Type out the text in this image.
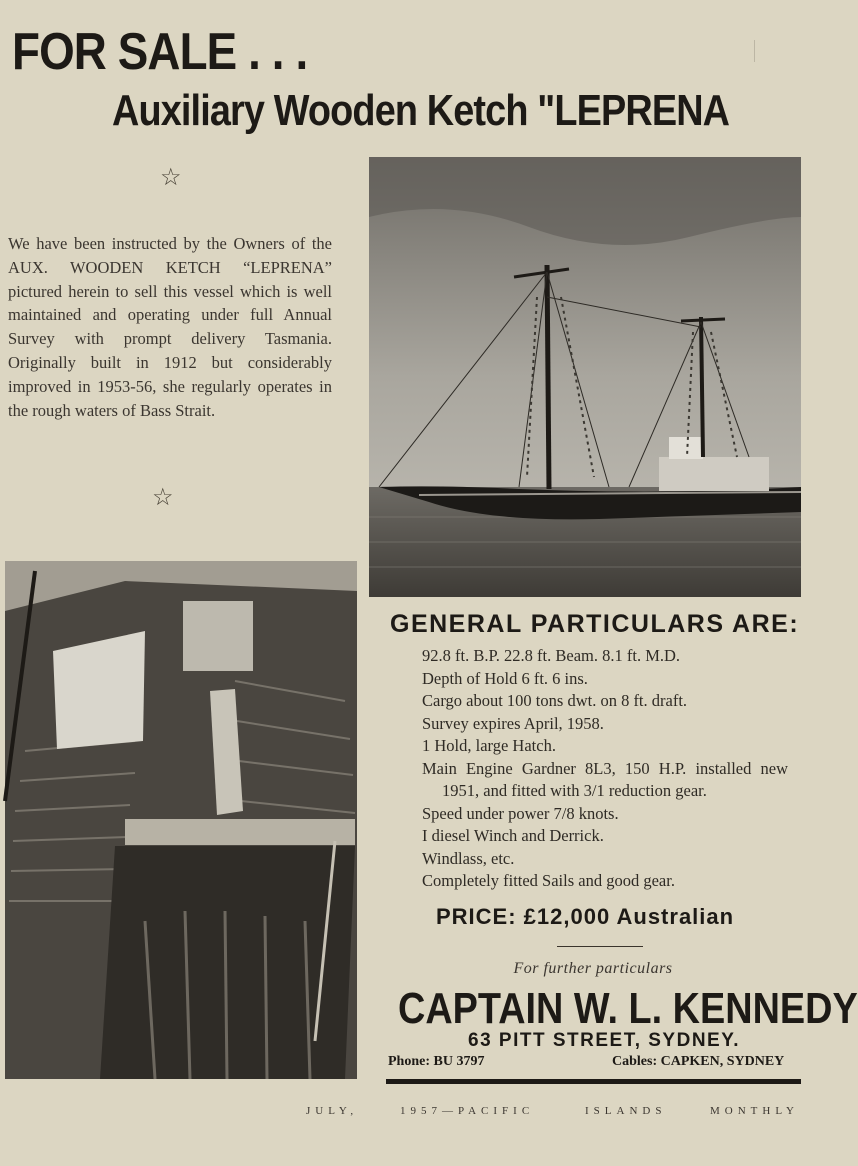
FOR SALE . . .
Auxiliary Wooden Ketch "LEPRENA
☆
We have been instructed by the Owners of the AUX. WOODEN KETCH “LEPRENA” pictured herein to sell this vessel which is well maintained and operating under full Annual Survey with prompt delivery Tasmania. Originally built in 1912 but considerably improved in 1953-56, she regularly operates in the rough waters of Bass Strait.
☆
GENERAL PARTICULARS ARE:
92.8 ft. B.P. 22.8 ft. Beam. 8.1 ft. M.D.
Depth of Hold 6 ft. 6 ins.
Cargo about 100 tons dwt. on 8 ft. draft.
Survey expires April, 1958.
1 Hold, large Hatch.
Main Engine Gardner 8L3, 150 H.P. installed new 1951, and fitted with 3/1 reduction gear.
Speed under power 7/8 knots.
I diesel Winch and Derrick.
Windlass, etc.
Completely fitted Sails and good gear.
PRICE: £12,000 Australian
For further particulars
CAPTAIN W. L. KENNEDY
63 PITT STREET, SYDNEY.
Phone: BU 3797	Cables: CAPKEN, SYDNEY
JULY,	1957—PACIFIC	ISLANDS	MONTHLY
